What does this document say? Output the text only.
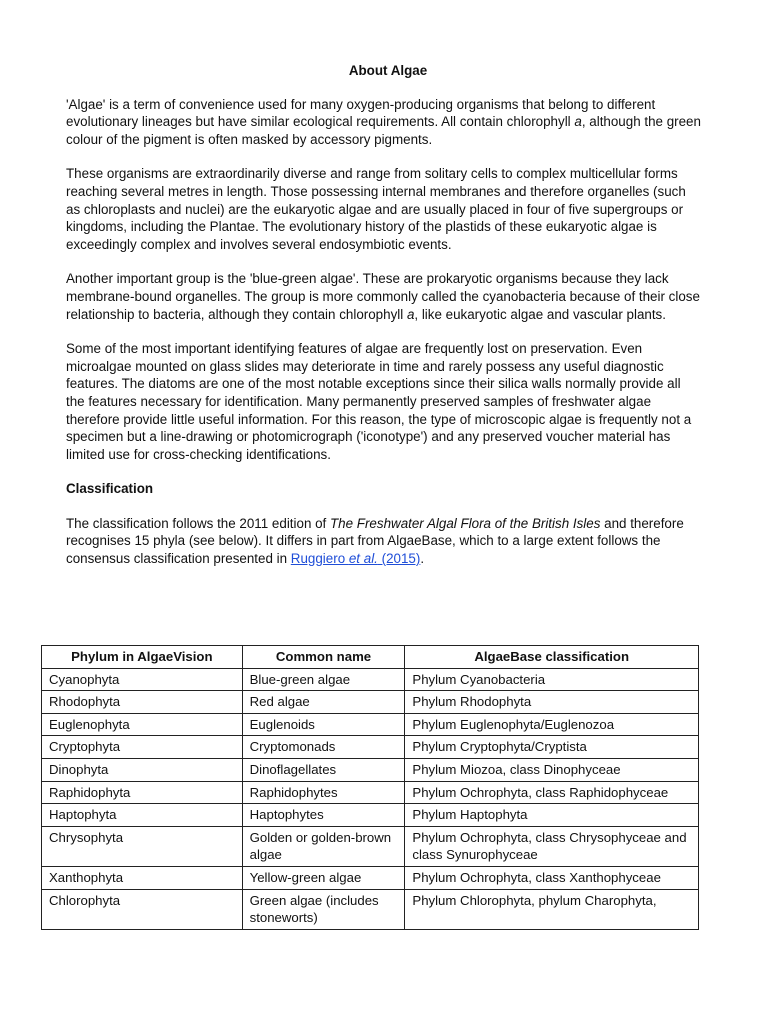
About Algae

'Algae' is a term of convenience used for many oxygen-producing organisms that belong to different evolutionary lineages but have similar ecological requirements. All contain chlorophyll a, although the green colour of the pigment is often masked by accessory pigments.

These organisms are extraordinarily diverse and range from solitary cells to complex multicellular forms reaching several metres in length. Those possessing internal membranes and therefore organelles (such as chloroplasts and nuclei) are the eukaryotic algae and are usually placed in four of five supergroups or kingdoms, including the Plantae. The evolutionary history of the plastids of these eukaryotic algae is exceedingly complex and involves several endosymbiotic events.

Another important group is the 'blue-green algae'. These are prokaryotic organisms because they lack membrane-bound organelles. The group is more commonly called the cyanobacteria because of their close relationship to bacteria, although they contain chlorophyll a, like eukaryotic algae and vascular plants.

Some of the most important identifying features of algae are frequently lost on preservation. Even microalgae mounted on glass slides may deteriorate in time and rarely possess any useful diagnostic features. The diatoms are one of the most notable exceptions since their silica walls normally provide all the features necessary for identification. Many permanently preserved samples of freshwater algae therefore provide little useful information. For this reason, the type of microscopic algae is frequently not a specimen but a line-drawing or photomicrograph ('iconotype') and any preserved voucher material has limited use for cross-checking identifications.

Classification

The classification follows the 2011 edition of The Freshwater Algal Flora of the British Isles and therefore recognises 15 phyla (see below). It differs in part from AlgaeBase, which to a large extent follows the consensus classification presented in Ruggiero et al. (2015).

Phylum in AlgaeVision	Common name	AlgaeBase classification
Cyanophyta	Blue-green algae	Phylum Cyanobacteria
Rhodophyta	Red algae	Phylum Rhodophyta
Euglenophyta	Euglenoids	Phylum Euglenophyta/Euglenozoa
Cryptophyta	Cryptomonads	Phylum Cryptophyta/Cryptista
Dinophyta	Dinoflagellates	Phylum Miozoa, class Dinophyceae
Raphidophyta	Raphidophytes	Phylum Ochrophyta, class Raphidophyceae
Haptophyta	Haptophytes	Phylum Haptophyta
Chrysophyta	Golden or golden-brown algae	Phylum Ochrophyta, class Chrysophyceae and class Synurophyceae
Xanthophyta	Yellow-green algae	Phylum Ochrophyta, class Xanthophyceae
Chlorophyta	Green algae (includes stoneworts)	Phylum Chlorophyta, phylum Charophyta,
